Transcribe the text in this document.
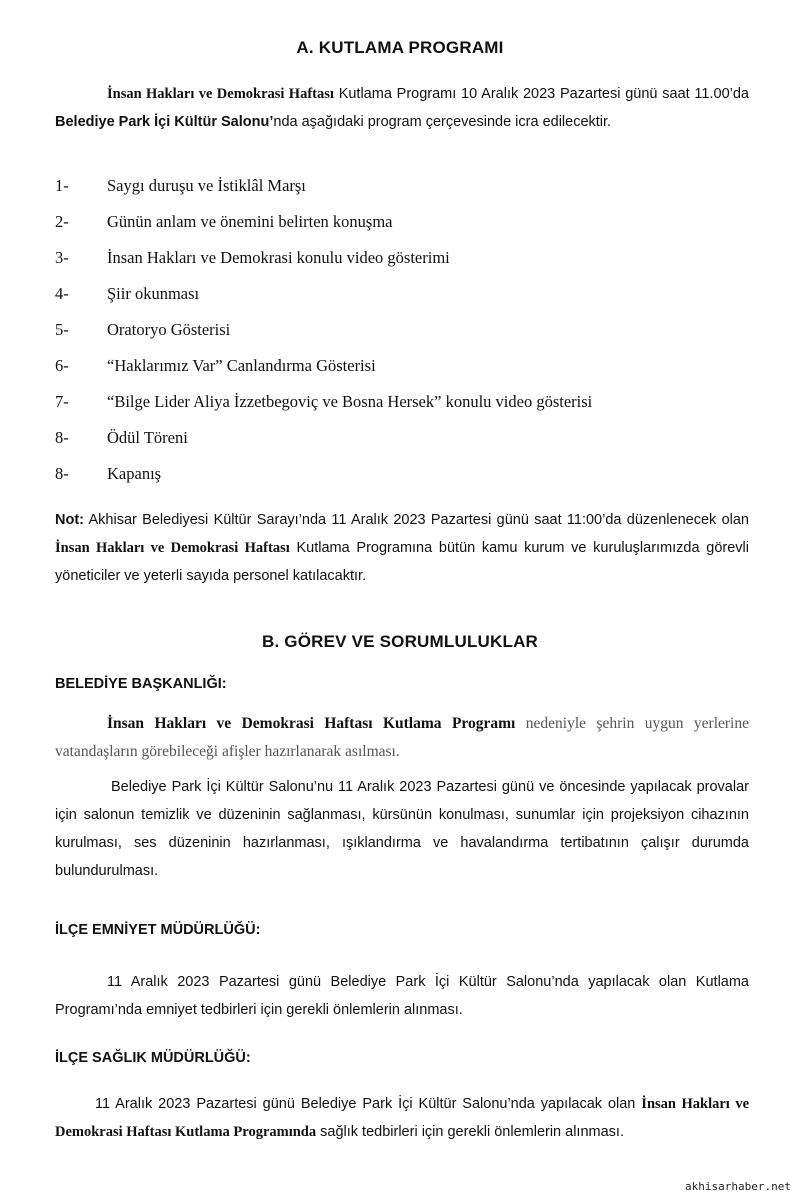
A. KUTLAMA PROGRAMI
İnsan Hakları ve Demokrasi Haftası Kutlama Programı 10 Aralık 2023 Pazartesi günü saat 11.00’da Belediye Park İçi Kültür Salonu’nda aşağıdaki program çerçevesinde icra edilecektir.
1- Saygı duruşu ve İstiklâl Marşı
2- Günün anlam ve önemini belirten konuşma
3- İnsan Hakları ve Demokrasi konulu video gösterimi
4- Şiir okunması
5- Oratoryo Gösterisi
6- “Haklarımız Var” Canlandırma Gösterisi
7- “Bilge Lider Aliya İzzetbegoviç ve Bosna Hersek” konulu video gösterisi
8- Ödül Töreni
8- Kapanış
Not: Akhisar Belediyesi Kültür Sarayı’nda 11 Aralık 2023 Pazartesi günü saat 11:00’da düzenlenecek olan İnsan Hakları ve Demokrasi Haftası Kutlama Programına bütün kamu kurum ve kuruluşlarımızda görevli yöneticiler ve yeterli sayıda personel katılacaktır.
B. GÖREV VE SORUMLULUKLAR
BELEDİYE BAŞKANLIĞI:
İnsan Hakları ve Demokrasi Haftası Kutlama Programı nedeniyle şehrin uygun yerlerine vatandaşların görebileceği afişler hazırlanarak asılması.
Belediye Park İçi Kültür Salonu’nu 11 Aralık 2023 Pazartesi günü ve öncesinde yapılacak provalar için salonun temizlik ve düzeninin sağlanması, kürsünün konulması, sunumlar için projeksiyon cihazının kurulması, ses düzeninin hazırlanması, ışıklandırma ve havalandırma tertibatının çalışır durumda bulundurulması.
İLÇE EMNİYET MÜDÜRLÜĞÜ:
11 Aralık 2023 Pazartesi günü Belediye Park İçi Kültür Salonu’nda yapılacak olan Kutlama Programı’nda emniyet tedbirleri için gerekli önlemlerin alınması.
İLÇE SAĞLIK MÜDÜRLÜĞÜ:
11 Aralık 2023 Pazartesi günü Belediye Park İçi Kültür Salonu’nda yapılacak olan İnsan Hakları ve Demokrasi Haftası Kutlama Programında sağlık tedbirleri için gerekli önlemlerin alınması.
akhisarhaber.net
